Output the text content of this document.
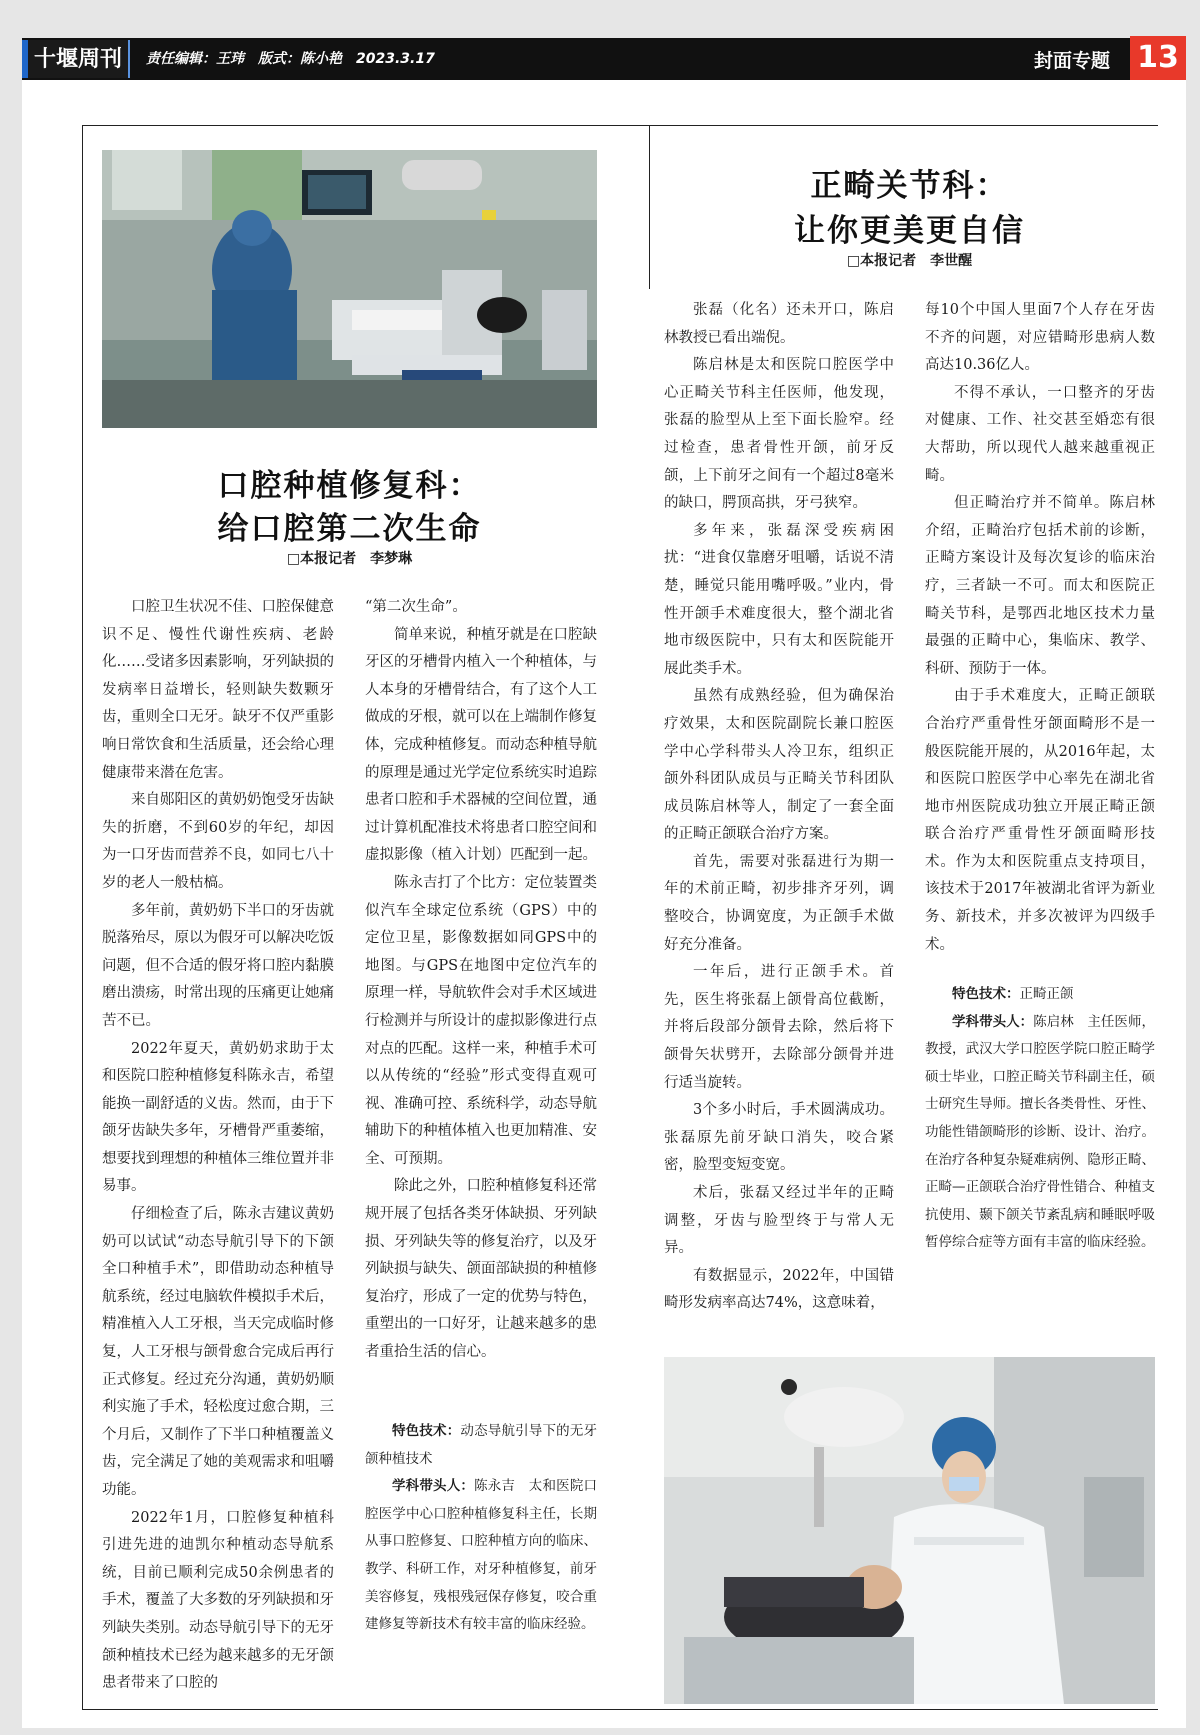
十堰周刊	责任编辑：王玮　版式：陈小艳　2023.3.17	封面专题 13
口腔种植修复科：
给口腔第二次生命
□本报记者　李梦琳

口腔卫生状况不佳、口腔保健意识不足、慢性代谢性疾病、老龄化……受诸多因素影响，牙列缺损的发病率日益增长，轻则缺失数颗牙齿，重则全口无牙。缺牙不仅严重影响日常饮食和生活质量，还会给心理健康带来潜在危害。

来自郧阳区的黄奶奶饱受牙齿缺失的折磨，不到60岁的年纪，却因为一口牙齿而营养不良，如同七八十岁的老人一般枯槁。

多年前，黄奶奶下半口的牙齿就脱落殆尽，原以为假牙可以解决吃饭问题，但不合适的假牙将口腔内黏膜磨出溃疡，时常出现的压痛更让她痛苦不已。

2022年夏天，黄奶奶求助于太和医院口腔种植修复科陈永吉，希望能换一副舒适的义齿。然而，由于下颌牙齿缺失多年，牙槽骨严重萎缩，想要找到理想的种植体三维位置并非易事。

仔细检查了后，陈永吉建议黄奶奶可以试试“动态导航引导下的下颌全口种植手术”，即借助动态种植导航系统，经过电脑软件模拟手术后，精准植入人工牙根，当天完成临时修复，人工牙根与颌骨愈合完成后再行正式修复。经过充分沟通，黄奶奶顺利实施了手术，轻松度过愈合期，三个月后，又制作了下半口种植覆盖义齿，完全满足了她的美观需求和咀嚼功能。

2022年1月，口腔修复种植科引进先进的迪凯尔种植动态导航系统，目前已顺利完成50余例患者的手术，覆盖了大多数的牙列缺损和牙列缺失类别。动态导航引导下的无牙颌种植技术已经为越来越多的无牙颌患者带来了口腔的

“第二次生命”。

简单来说，种植牙就是在口腔缺牙区的牙槽骨内植入一个种植体，与人本身的牙槽骨结合，有了这个人工做成的牙根，就可以在上端制作修复体，完成种植修复。而动态种植导航的原理是通过光学定位系统实时追踪患者口腔和手术器械的空间位置，通过计算机配准技术将患者口腔空间和虚拟影像（植入计划）匹配到一起。

陈永吉打了个比方：定位装置类似汽车全球定位系统（GPS）中的定位卫星，影像数据如同GPS中的地图。与GPS在地图中定位汽车的原理一样，导航软件会对手术区域进行检测并与所设计的虚拟影像进行点对点的匹配。这样一来，种植手术可以从传统的“经验”形式变得直观可视、准确可控、系统科学，动态导航辅助下的种植体植入也更加精准、安全、可预期。

除此之外，口腔种植修复科还常规开展了包括各类牙体缺损、牙列缺损、牙列缺失等的修复治疗，以及牙列缺损与缺失、颌面部缺损的种植修复治疗，形成了一定的优势与特色，重塑出的一口好牙，让越来越多的患者重拾生活的信心。

特色技术：动态导航引导下的无牙颌种植技术

学科带头人：陈永吉　太和医院口腔医学中心口腔种植修复科主任，长期从事口腔修复、口腔种植方向的临床、教学、科研工作，对牙种植修复，前牙美容修复，残根残冠保存修复，咬合重建修复等新技术有较丰富的临床经验。

正畸关节科：
让你更美更自信
□本报记者　李世醒

张磊（化名）还未开口，陈启林教授已看出端倪。

陈启林是太和医院口腔医学中心正畸关节科主任医师，他发现，张磊的脸型从上至下面长脸窄。经过检查，患者骨性开颌，前牙反颌，上下前牙之间有一个超过8毫米的缺口，腭顶高拱，牙弓狭窄。

多年来，张磊深受疾病困扰：“进食仅靠磨牙咀嚼，话说不清楚，睡觉只能用嘴呼吸。”业内，骨性开颌手术难度很大，整个湖北省地市级医院中，只有太和医院能开展此类手术。

虽然有成熟经验，但为确保治疗效果，太和医院副院长兼口腔医学中心学科带头人冷卫东，组织正颌外科团队成员与正畸关节科团队成员陈启林等人，制定了一套全面的正畸正颌联合治疗方案。

首先，需要对张磊进行为期一年的术前正畸，初步排齐牙列，调整咬合，协调宽度，为正颌手术做好充分准备。

一年后，进行正颌手术。首先，医生将张磊上颌骨高位截断，并将后段部分颌骨去除，然后将下颌骨矢状劈开，去除部分颌骨并进行适当旋转。

3个多小时后，手术圆满成功。张磊原先前牙缺口消失，咬合紧密，脸型变短变宽。

术后，张磊又经过半年的正畸调整，牙齿与脸型终于与常人无异。

有数据显示，2022年，中国错畸形发病率高达74%，这意味着，

每10个中国人里面7个人存在牙齿不齐的问题，对应错畸形患病人数高达10.36亿人。

不得不承认，一口整齐的牙齿对健康、工作、社交甚至婚恋有很大帮助，所以现代人越来越重视正畸。

但正畸治疗并不简单。陈启林介绍，正畸治疗包括术前的诊断，正畸方案设计及每次复诊的临床治疗，三者缺一不可。而太和医院正畸关节科，是鄂西北地区技术力量最强的正畸中心，集临床、教学、科研、预防于一体。

由于手术难度大，正畸正颌联合治疗严重骨性牙颌面畸形不是一般医院能开展的，从2016年起，太和医院口腔医学中心率先在湖北省地市州医院成功独立开展正畸正颌联合治疗严重骨性牙颌面畸形技术。作为太和医院重点支持项目，该技术于2017年被湖北省评为新业务、新技术，并多次被评为四级手术。

特色技术：正畸正颌

学科带头人：陈启林　主任医师，教授，武汉大学口腔医学院口腔正畸学硕士毕业，口腔正畸关节科副主任，硕士研究生导师。擅长各类骨性、牙性、功能性错颌畸形的诊断、设计、治疗。在治疗各种复杂疑难病例、隐形正畸、正畸—正颌联合治疗骨性错合、种植支抗使用、颞下颌关节紊乱病和睡眠呼吸暂停综合症等方面有丰富的临床经验。
